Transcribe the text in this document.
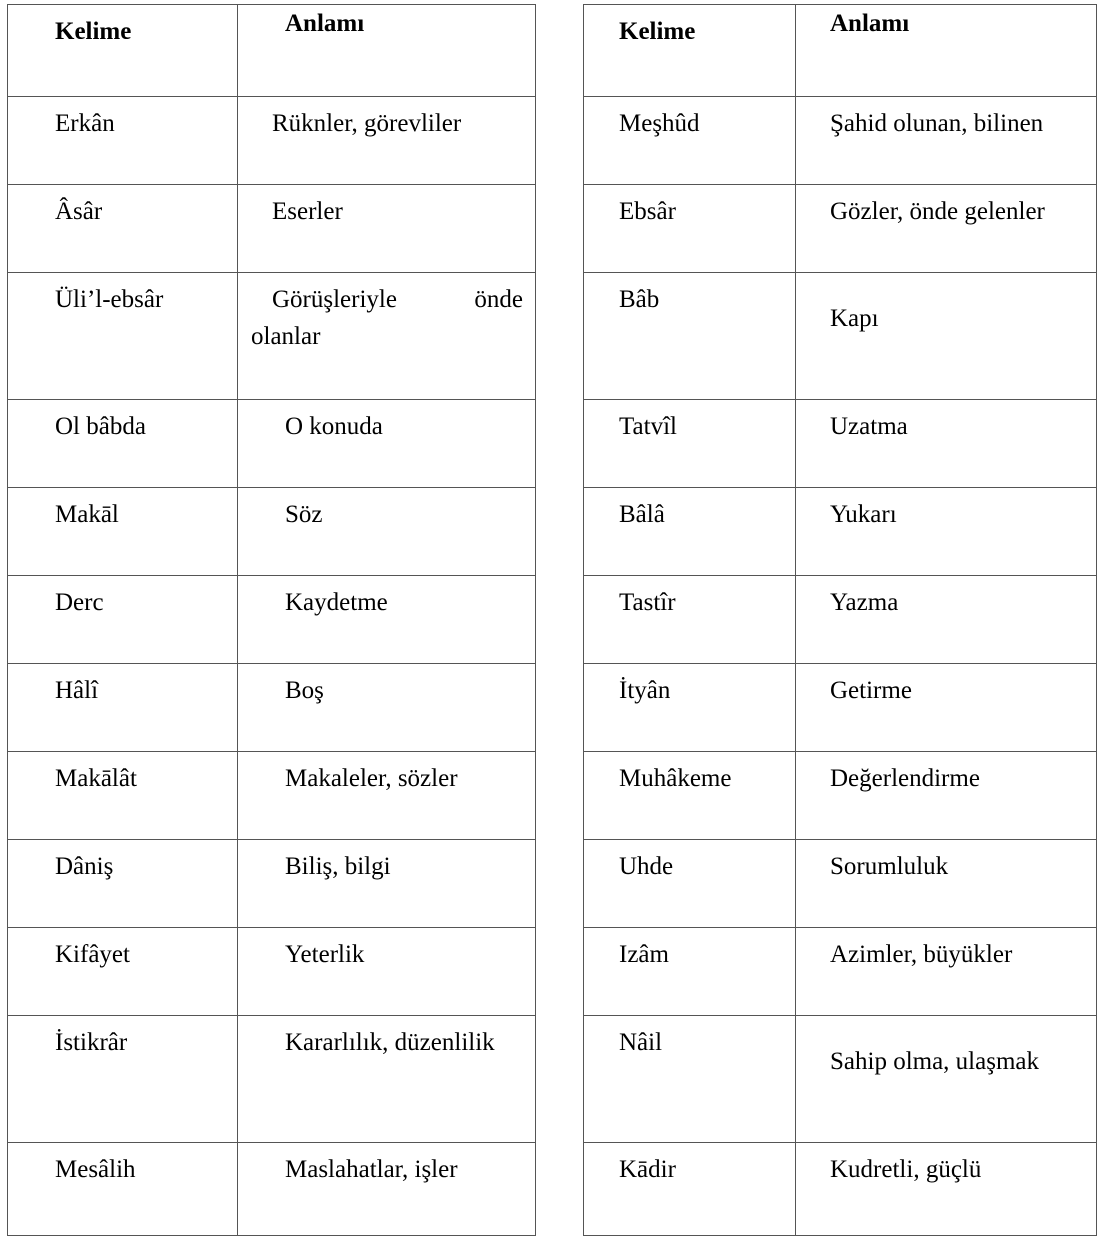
Kelime	Anlamı
Erkân	Rüknler, görevliler
Âsâr	Eserler
Üli’l-ebsâr	Görüşleriyle önde olanlar
Ol bâbda	O konuda
Makāl	Söz
Derc	Kaydetme
Hâlî	Boş
Makālât	Makaleler, sözler
Dâniş	Biliş, bilgi
Kifâyet	Yeterlik
İstikrâr	Kararlılık, düzenlilik
Mesâlih	Maslahatlar, işler
Kelime	Anlamı
Meşhûd	Şahid olunan, bilinen
Ebsâr	Gözler, önde gelenler
Bâb	Kapı
Tatvîl	Uzatma
Bâlâ	Yukarı
Tastîr	Yazma
İtyân	Getirme
Muhâkeme	Değerlendirme
Uhde	Sorumluluk
Izâm	Azimler, büyükler
Nâil	Sahip olma, ulaşmak
Kādir	Kudretli, güçlü
